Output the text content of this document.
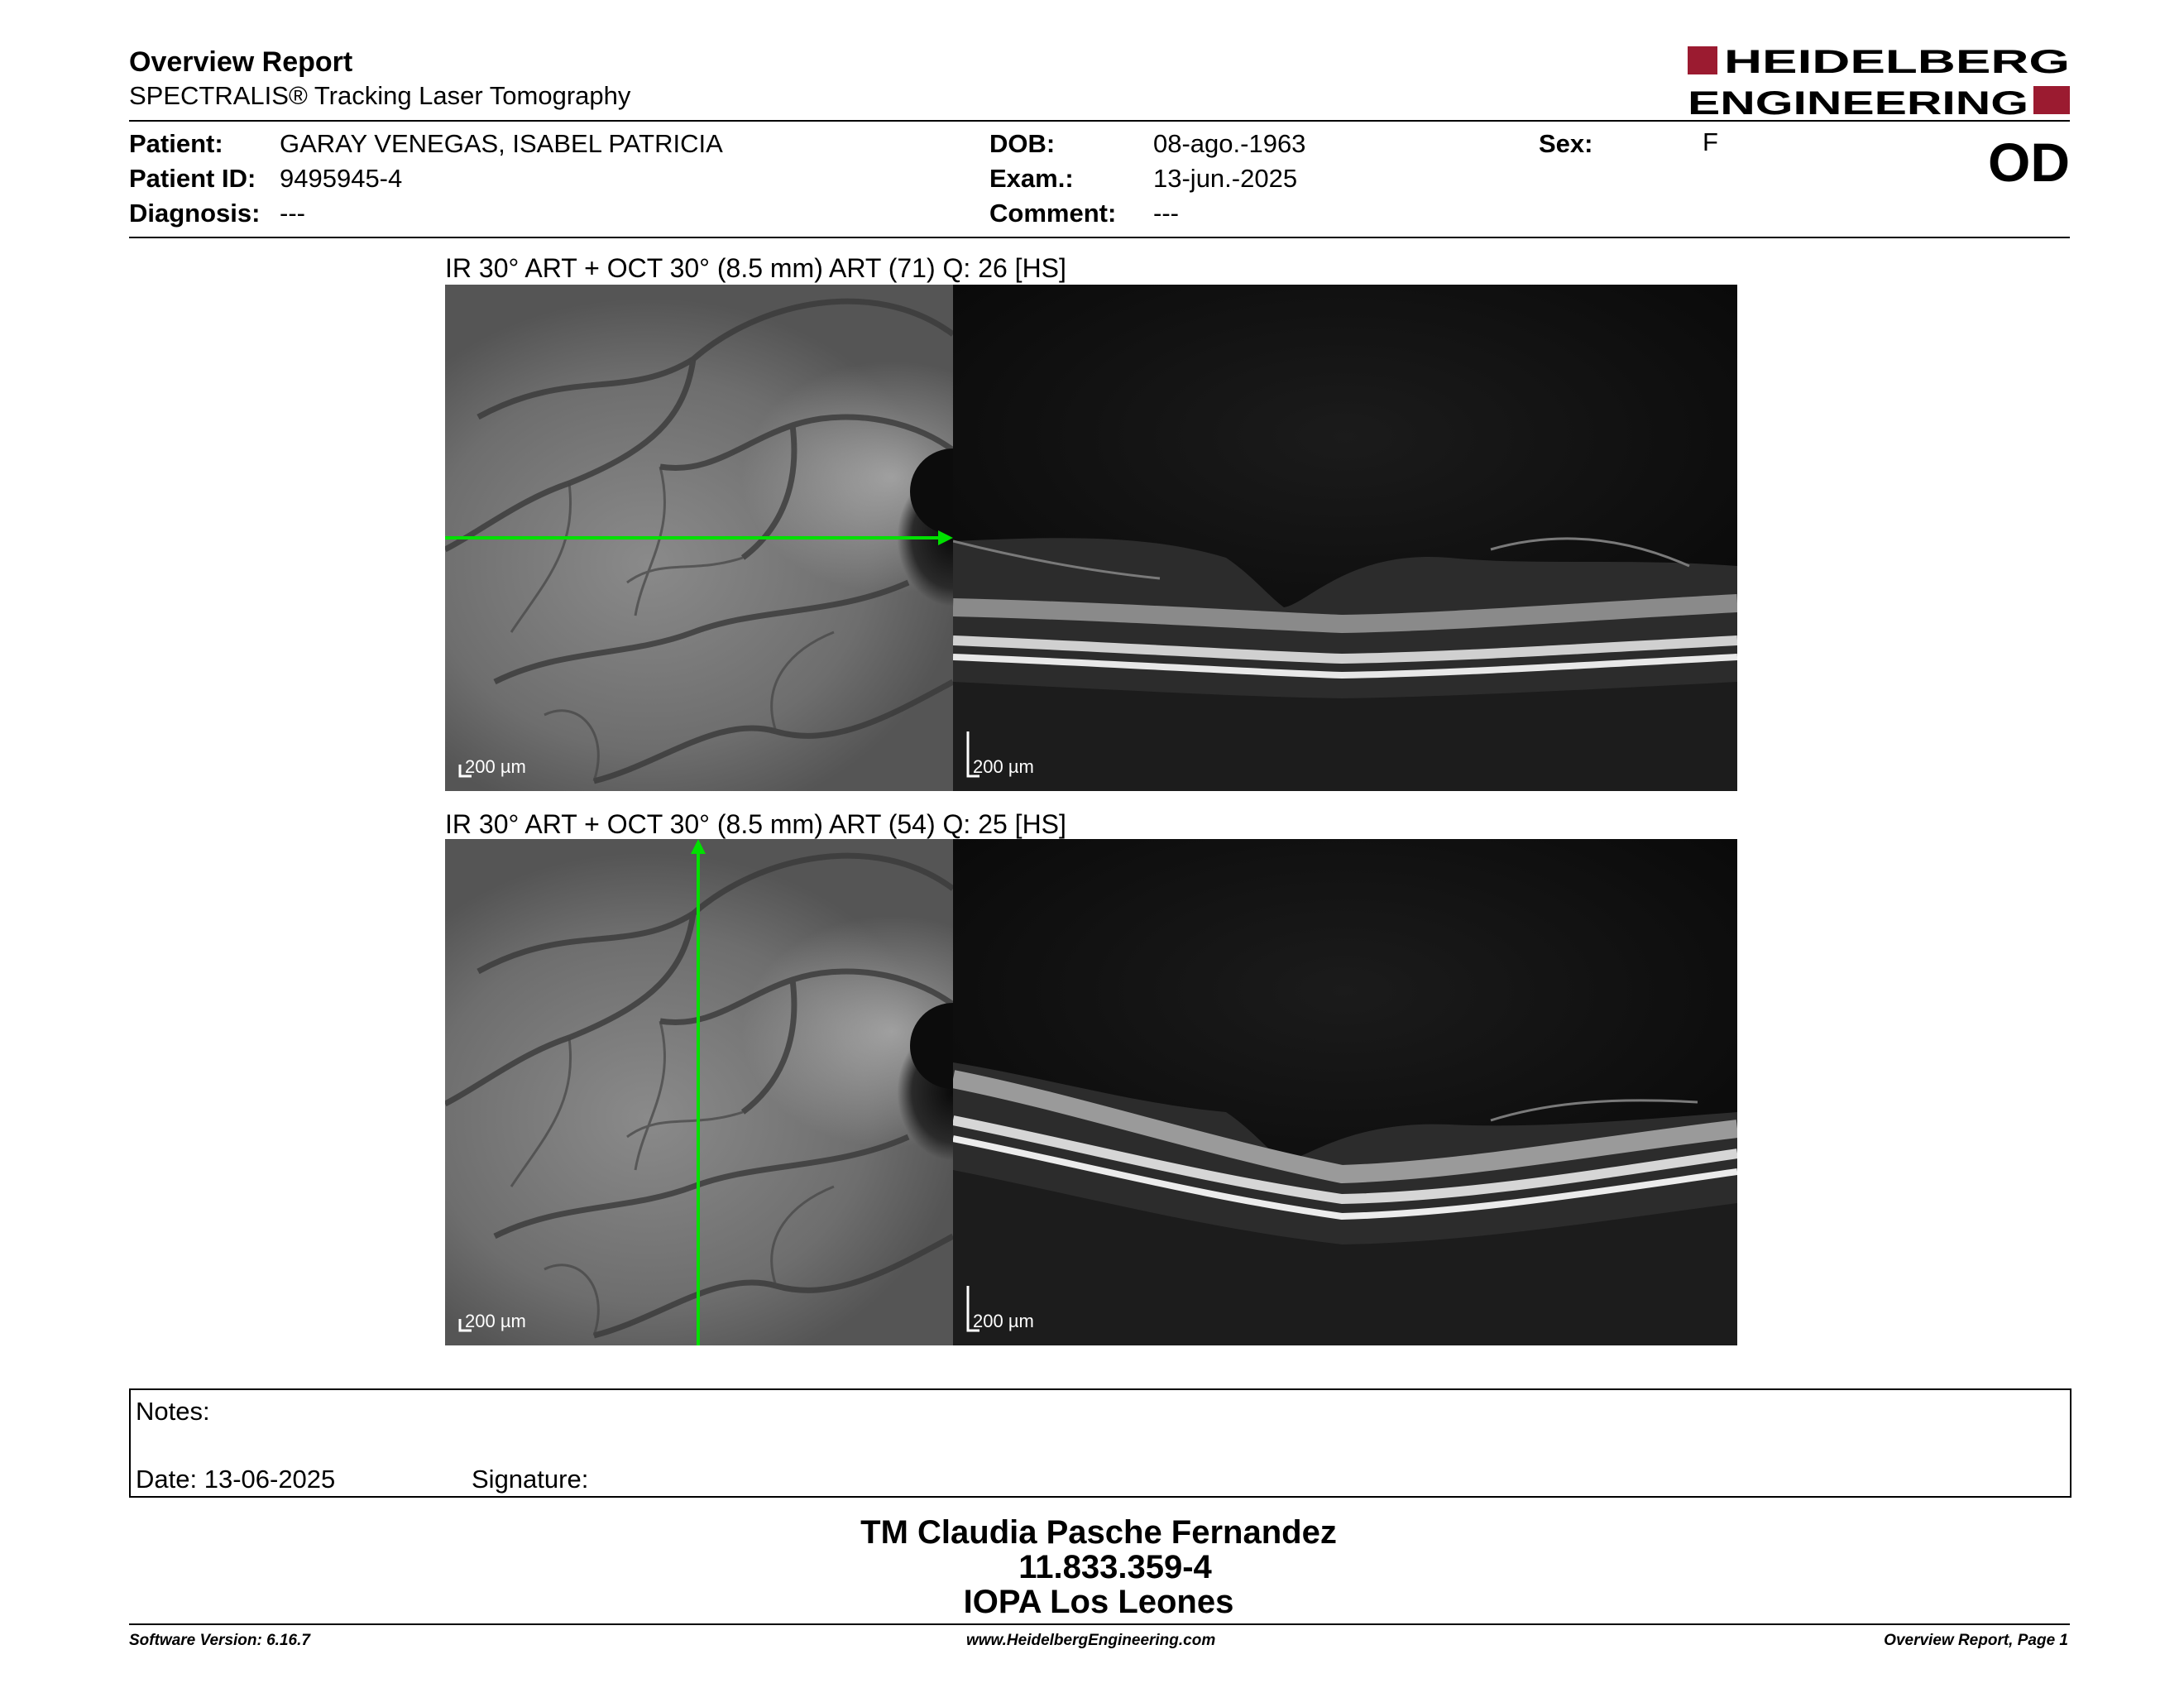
Overview Report
SPECTRALIS® Tracking Laser Tomography
HEIDELBERG
ENGINEERING
Patient: GARAY VENEGAS, ISABEL PATRICIA
Patient ID: 9495945-4
Diagnosis: ---
DOB:	08-ago.-1963
Exam.:	13-jun.-2025
Comment: ---
Sex:	F	OD
IR 30° ART + OCT 30° (8.5 mm) ART (71) Q: 26 [HS]
200 µm	200 µm
IR 30° ART + OCT 30° (8.5 mm) ART (54) Q: 25 [HS]
200 µm	200 µm
Notes:
Date: 13-06-2025	Signature:
TM Claudia Pasche Fernandez
11.833.359-4
IOPA Los Leones
Software Version: 6.16.7	www.HeidelbergEngineering.com	Overview Report, Page 1
